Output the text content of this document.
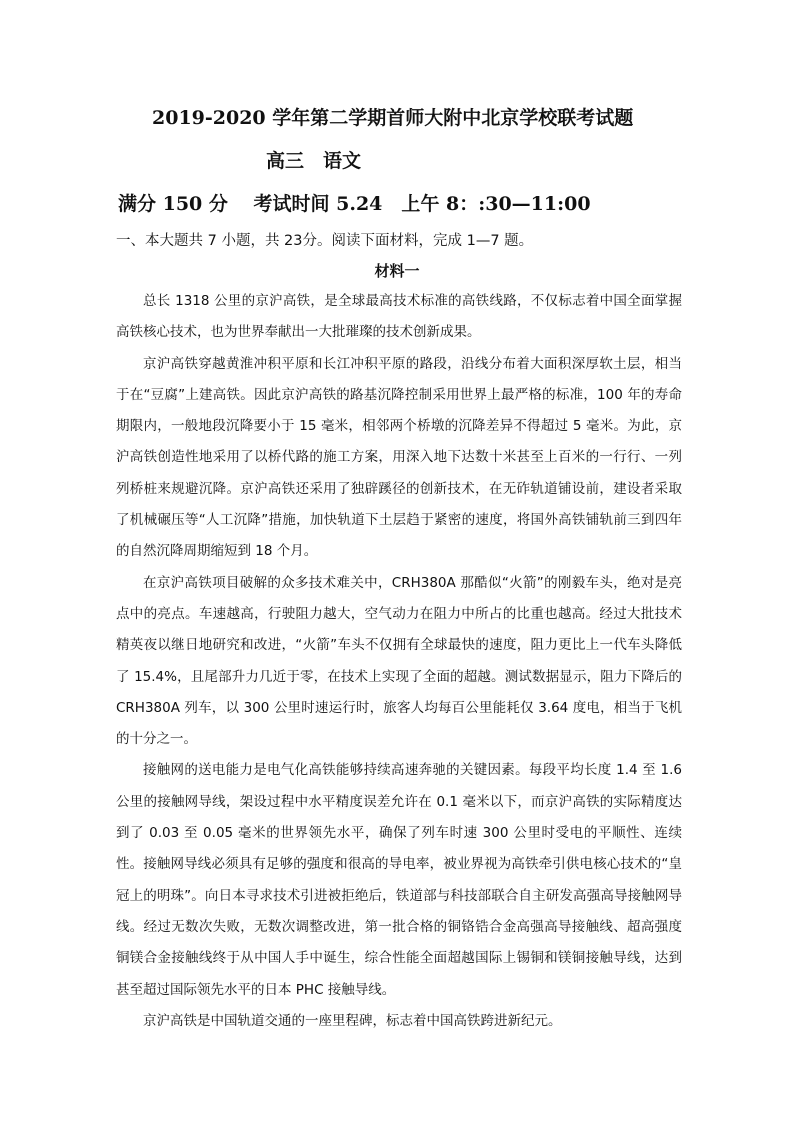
2019-2020 学年第二学期首师大附中北京学校联考试题
高三　语文
满分 150 分　 考试时间 5.24　上午 8：:30—11:00
一、本大题共 7 小题，共 23分。阅读下面材料，完成 1—7 题。
材料一

总长 1318 公里的京沪高铁，是全球最高技术标准的高铁线路，不仅标志着中国全面掌握高铁核心技术，也为世界奉献出一大批璀璨的技术创新成果。

京沪高铁穿越黄淮冲积平原和长江冲积平原的路段，沿线分布着大面积深厚软土层，相当于在“豆腐”上建高铁。因此京沪高铁的路基沉降控制采用世界上最严格的标准，100 年的寿命期限内，一般地段沉降要小于 15 毫米，相邻两个桥墩的沉降差异不得超过 5 毫米。为此，京沪高铁创造性地采用了以桥代路的施工方案，用深入地下达数十米甚至上百米的一行行、一列列桥桩来规避沉降。京沪高铁还采用了独辟蹊径的创新技术，在无砟轨道铺设前，建设者采取了机械碾压等“人工沉降”措施，加快轨道下土层趋于紧密的速度，将国外高铁铺轨前三到四年的自然沉降周期缩短到 18 个月。

在京沪高铁项目破解的众多技术难关中，CRH380A 那酷似“火箭”的刚毅车头，绝对是亮点中的亮点。车速越高，行驶阻力越大，空气动力在阻力中所占的比重也越高。经过大批技术精英夜以继日地研究和改进，“火箭”车头不仅拥有全球最快的速度，阻力更比上一代车头降低了 15.4%，且尾部升力几近于零，在技术上实现了全面的超越。测试数据显示，阻力下降后的 CRH380A 列车，以 300 公里时速运行时，旅客人均每百公里能耗仅 3.64 度电，相当于飞机的十分之一。

接触网的送电能力是电气化高铁能够持续高速奔驰的关键因素。每段平均长度 1.4 至 1.6 公里的接触网导线，架设过程中水平精度误差允许在 0.1 毫米以下，而京沪高铁的实际精度达到了 0.03 至 0.05 毫米的世界领先水平，确保了列车时速 300 公里时受电的平顺性、连续性。接触网导线必须具有足够的强度和很高的导电率，被业界视为高铁牵引供电核心技术的“皇冠上的明珠”。向日本寻求技术引进被拒绝后，铁道部与科技部联合自主研发高强高导接触网导线。经过无数次失败，无数次调整改进，第一批合格的铜铬锆合金高强高导接触线、超高强度铜镁合金接触线终于从中国人手中诞生，综合性能全面超越国际上锡铜和镁铜接触导线，达到甚至超过国际领先水平的日本 PHC 接触导线。

京沪高铁是中国轨道交通的一座里程碑，标志着中国高铁跨进新纪元。
